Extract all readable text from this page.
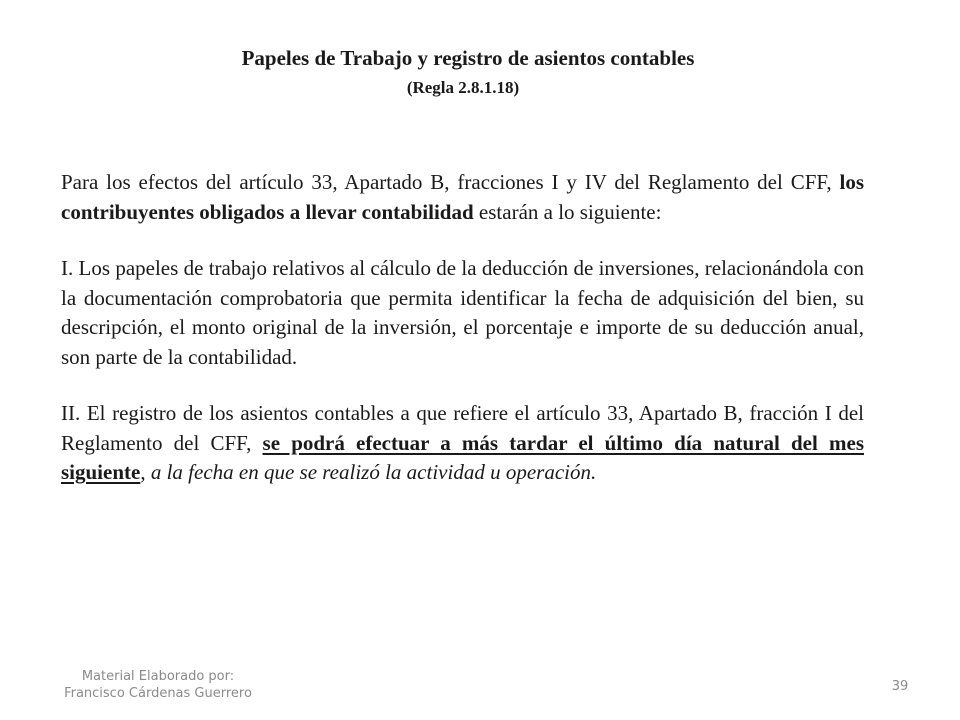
Papeles de Trabajo y registro de asientos contables
(Regla 2.8.1.18)

Para los efectos del artículo 33, Apartado B, fracciones I y IV del Reglamento del CFF, los contribuyentes obligados a llevar contabilidad estarán a lo siguiente:

I. Los papeles de trabajo relativos al cálculo de la deducción de inversiones, relacionándola con la documentación comprobatoria que permita identificar la fecha de adquisición del bien, su descripción, el monto original de la inversión, el porcentaje e importe de su deducción anual, son parte de la contabilidad.

II. El registro de los asientos contables a que refiere el artículo 33, Apartado B, fracción I del Reglamento del CFF, se podrá efectuar a más tardar el último día natural del mes siguiente, a la fecha en que se realizó la actividad u operación.

Material Elaborado por:
Francisco Cárdenas Guerrero	39
